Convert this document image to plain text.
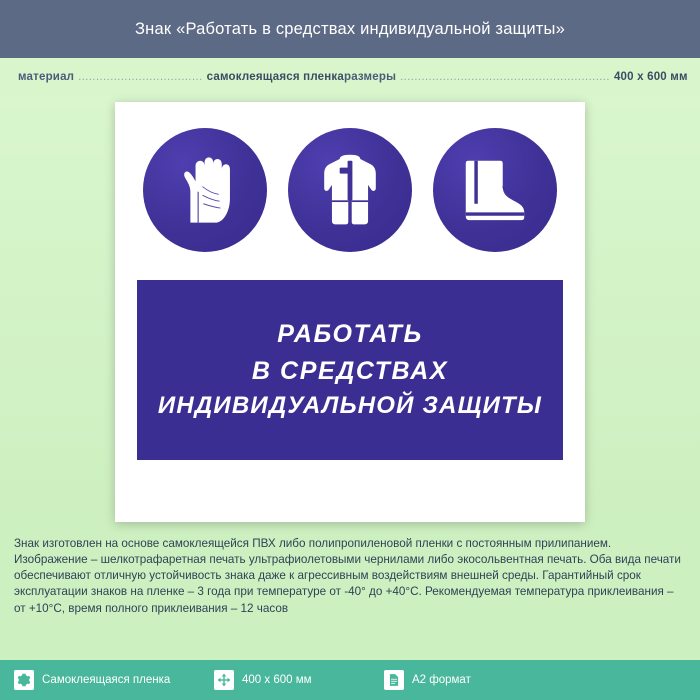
Знак «Работать в средствах индивидуальной защиты»
материал ................................... самоклеящаяся пленка размеры ........................................................... 400 x 600 мм
РАБОТАТЬ
В СРЕДСТВАХ
ИНДИВИДУАЛЬНОЙ ЗАЩИТЫ

Знак изготовлен на основе самоклеящейся ПВХ либо полипропиленовой пленки с постоянным прилипанием. Изображение – шелкотрафаретная печать ультрафиолетовыми чернилами либо экосольвентная печать. Оба вида печати обеспечивают отличную устойчивость знака даже к агрессивным воздействиям внешней среды. Гарантийный срок эксплуатации знаков на пленке – 3 года при температуре от -40° до +40°С. Рекомендуемая температура приклеивания – от +10°С, время полного приклеивания – 12 часов

Самоклеящаяся пленка	400 x 600 мм	A2 формат
